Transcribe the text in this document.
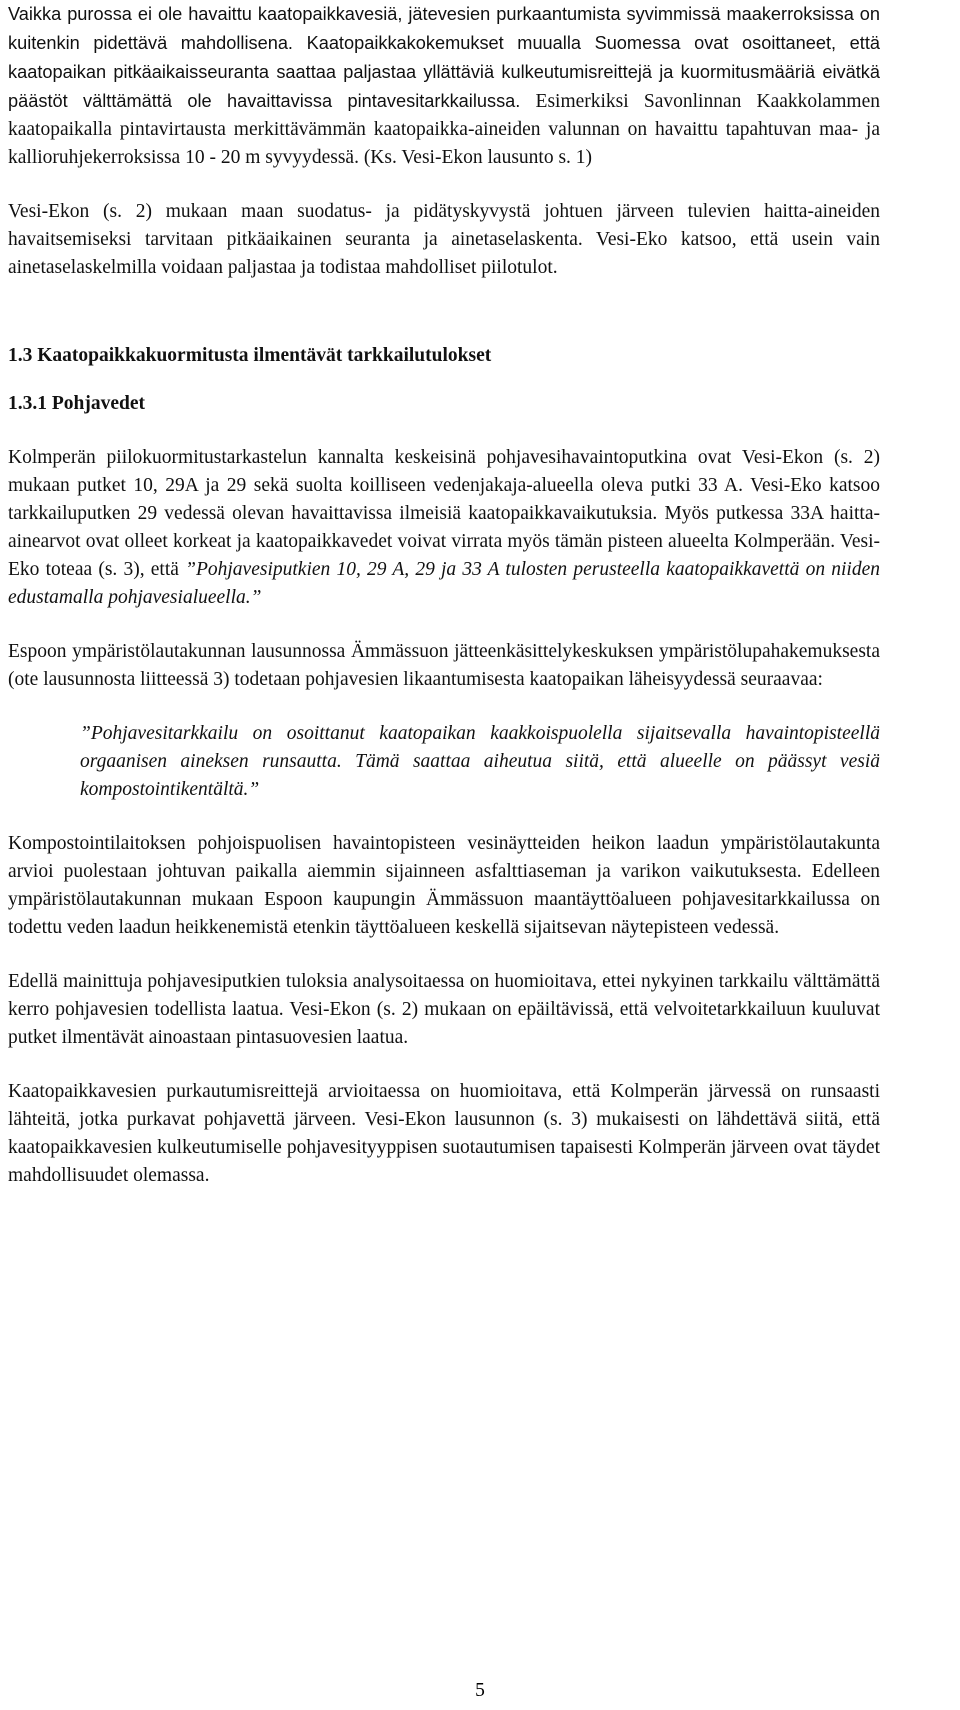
Vaikka purossa ei ole havaittu kaatopaikkavesiä, jätevesien purkaantumista syvimmissä maakerroksissa on kuitenkin pidettävä mahdollisena. Kaatopaikkakokemukset muualla Suomessa ovat osoittaneet, että kaatopaikan pitkäaikaisseuranta saattaa paljastaa yllättäviä kulkeutumisreittejä ja kuormitusmääriä eivätkä päästöt välttämättä ole havaittavissa pintavesitarkkailussa. Esimerkiksi Savonlinnan Kaakkolammen kaatopaikalla pintavirtausta merkittävämmän kaatopaikka-aineiden valunnan on havaittu tapahtuvan maa- ja kallioruhjekerroksissa 10 - 20 m syvyydessä. (Ks. Vesi-Ekon lausunto s. 1)

Vesi-Ekon (s. 2) mukaan maan suodatus- ja pidätyskyvystä johtuen järveen tulevien haitta-aineiden havaitsemiseksi tarvitaan pitkäaikainen seuranta ja ainetaselaskenta. Vesi-Eko katsoo, että usein vain ainetaselaskelmilla voidaan paljastaa ja todistaa mahdolliset piilotulot.

1.3 Kaatopaikkakuormitusta ilmentävät tarkkailutulokset
1.3.1 Pohjavedet

Kolmperän piilokuormitustarkastelun kannalta keskeisinä pohjavesihavaintoputkina ovat Vesi-Ekon (s. 2) mukaan putket 10, 29A ja 29 sekä suolta koilliseen vedenjakaja-alueella oleva putki 33 A. Vesi-Eko katsoo tarkkailuputken 29 vedessä olevan havaittavissa ilmeisiä kaatopaikkavaikutuksia. Myös putkessa 33A haitta-ainearvot ovat olleet korkeat ja kaatopaikkavedet voivat virrata myös tämän pisteen alueelta Kolmperään. Vesi-Eko toteaa (s. 3), että ”Pohjavesiputkien 10, 29 A, 29 ja 33 A tulosten perusteella kaatopaikkavettä on niiden edustamalla pohjavesialueella.”

Espoon ympäristölautakunnan lausunnossa Ämmässuon jätteenkäsittelykeskuksen ympäristölupahakemuksesta (ote lausunnosta liitteessä 3) todetaan pohjavesien likaantumisesta kaatopaikan läheisyydessä seuraavaa:

”Pohjavesitarkkailu on osoittanut kaatopaikan kaakkoispuolella sijaitsevalla havaintopisteellä orgaanisen aineksen runsautta. Tämä saattaa aiheutua siitä, että alueelle on päässyt vesiä kompostointikentältä.”

Kompostointilaitoksen pohjoispuolisen havaintopisteen vesinäytteiden heikon laadun ympäristölautakunta arvioi puolestaan johtuvan paikalla aiemmin sijainneen asfalttiaseman ja varikon vaikutuksesta. Edelleen ympäristölautakunnan mukaan Espoon kaupungin Ämmässuon maantäyttöalueen pohjavesitarkkailussa on todettu veden laadun heikkenemistä etenkin täyttöalueen keskellä sijaitsevan näytepisteen vedessä.

Edellä mainittuja pohjavesiputkien tuloksia analysoitaessa on huomioitava, ettei nykyinen tarkkailu välttämättä kerro pohjavesien todellista laatua. Vesi-Ekon (s. 2) mukaan on epäiltävissä, että velvoitetarkkailuun kuuluvat putket ilmentävät ainoastaan pintasuovesien laatua.

Kaatopaikkavesien purkautumisreittejä arvioitaessa on huomioitava, että Kolmperän järvessä on runsaasti lähteitä, jotka purkavat pohjavettä järveen. Vesi-Ekon lausunnon (s. 3) mukaisesti on lähdettävä siitä, että kaatopaikkavesien kulkeutumiselle pohjavesityyppisen suotautumisen tapaisesti Kolmperän järveen ovat täydet mahdollisuudet olemassa.

5
